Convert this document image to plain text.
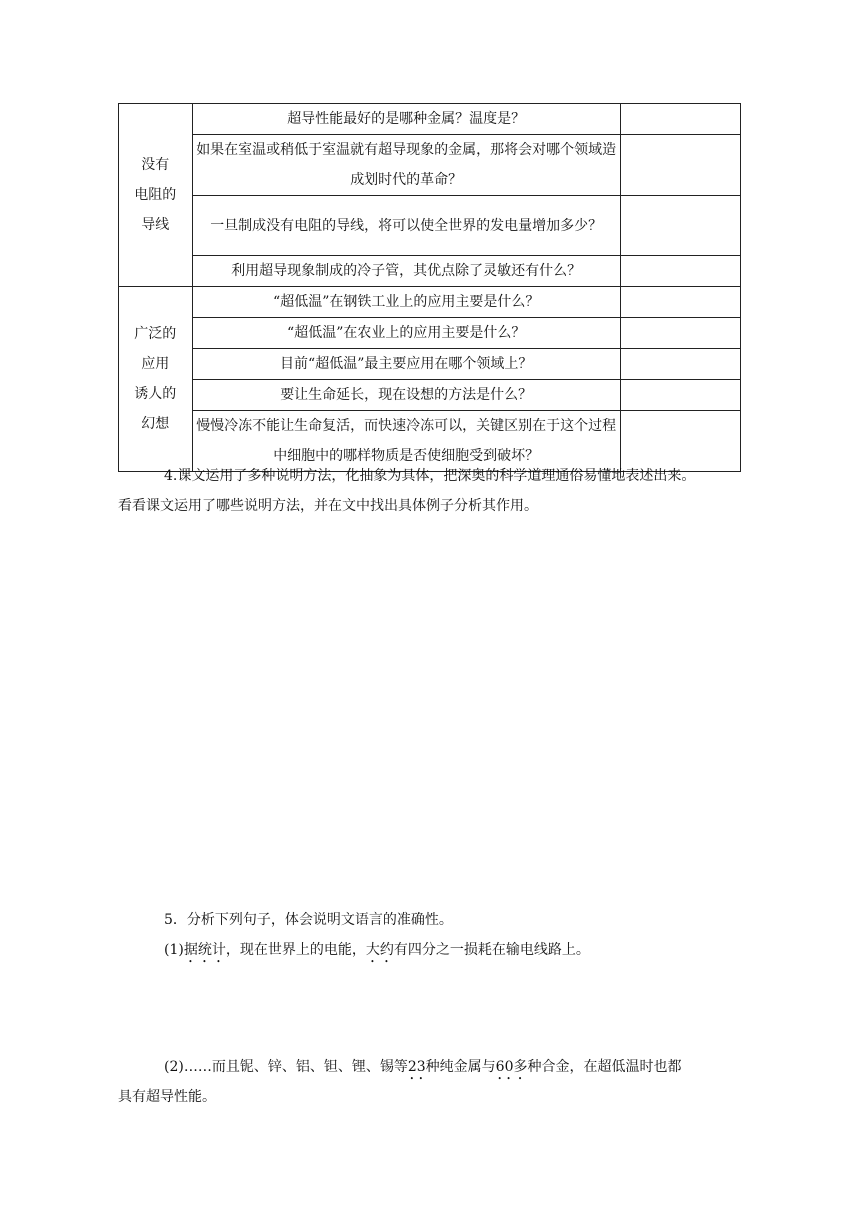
没有
电阻的
导线	超导性能最好的是哪种金属？温度是？	
	如果在室温或稍低于室温就有超导现象的金属，那将会对哪个领域造成划时代的革命？	
	一旦制成没有电阻的导线，将可以使全世界的发电量增加多少？	
	利用超导现象制成的冷子管，其优点除了灵敏还有什么？	
广泛的
应用
诱人的
幻想	“超低温”在钢铁工业上的应用主要是什么？	
	“超低温”在农业上的应用主要是什么？	
	目前“超低温”最主要应用在哪个领域上？	
	要让生命延长，现在设想的方法是什么？	
	慢慢冷冻不能让生命复活，而快速冷冻可以，关键区别在于这个过程中细胞中的哪样物质是否使细胞受到破坏？	
4.课文运用了多种说明方法，化抽象为具体，把深奥的科学道理通俗易懂地表述出来。
看看课文运用了哪些说明方法，并在文中找出具体例子分析其作用。
5．分析下列句子，体会说明文语言的准确性。
(1)据统计，现在世界上的电能，大约有四分之一损耗在输电线路上。
(2)……而且铌、锌、铝、钽、锂、锡等23种纯金属与60多种合金，在超低温时也都
具有超导性能。
